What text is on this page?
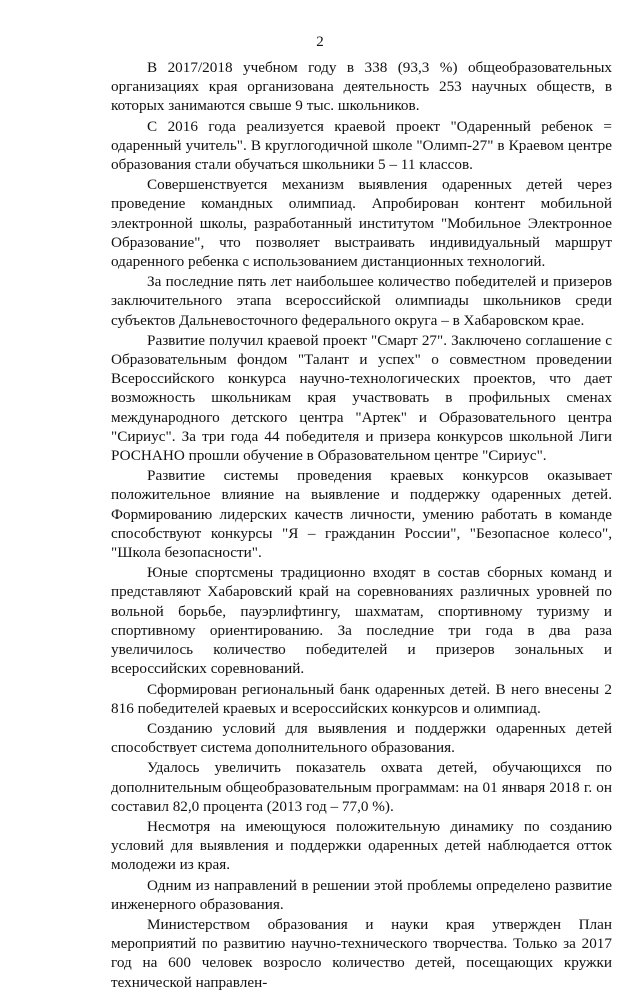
2

В 2017/2018 учебном году в 338 (93,3 %) общеобразовательных организациях края организована деятельность 253 научных обществ, в которых занимаются свыше 9 тыс. школьников.

С 2016 года реализуется краевой проект "Одаренный ребенок = одаренный учитель". В круглогодичной школе "Олимп-27" в Краевом центре образования стали обучаться школьники 5 – 11 классов.

Совершенствуется механизм выявления одаренных детей через проведение командных олимпиад. Апробирован контент мобильной электронной школы, разработанный институтом "Мобильное Электронное Образование", что позволяет выстраивать индивидуальный маршрут одаренного ребенка с использованием дистанционных технологий.

За последние пять лет наибольшее количество победителей и призеров заключительного этапа всероссийской олимпиады школьников среди субъектов Дальневосточного федерального округа – в Хабаровском крае.

Развитие получил краевой проект "Смарт 27". Заключено соглашение с Образовательным фондом "Талант и успех" о совместном проведении Всероссийского конкурса научно-технологических проектов, что дает возможность школьникам края участвовать в профильных сменах международного детского центра "Артек" и Образовательного центра "Сириус". За три года 44 победителя и призера конкурсов школьной Лиги РОСНАНО прошли обучение в Образовательном центре "Сириус".

Развитие системы проведения краевых конкурсов оказывает положительное влияние на выявление и поддержку одаренных детей. Формированию лидерских качеств личности, умению работать в команде способствуют конкурсы "Я – гражданин России", "Безопасное колесо", "Школа безопасности".

Юные спортсмены традиционно входят в состав сборных команд и представляют Хабаровский край на соревнованиях различных уровней по вольной борьбе, пауэрлифтингу, шахматам, спортивному туризму и спортивному ориентированию. За последние три года в два раза увеличилось количество победителей и призеров зональных и всероссийских соревнований.

Сформирован региональный банк одаренных детей. В него внесены 2 816 победителей краевых и всероссийских конкурсов и олимпиад.

Созданию условий для выявления и поддержки одаренных детей способствует система дополнительного образования.

Удалось увеличить показатель охвата детей, обучающихся по дополнительным общеобразовательным программам: на 01 января 2018 г. он составил 82,0 процента (2013 год – 77,0 %).

Несмотря на имеющуюся положительную динамику по созданию условий для выявления и поддержки одаренных детей наблюдается отток молодежи из края.

Одним из направлений в решении этой проблемы определено развитие инженерного образования.

Министерством образования и науки края утвержден План мероприятий по развитию научно-технического творчества. Только за 2017 год на 600 человек возросло количество детей, посещающих кружки технической направлен-
